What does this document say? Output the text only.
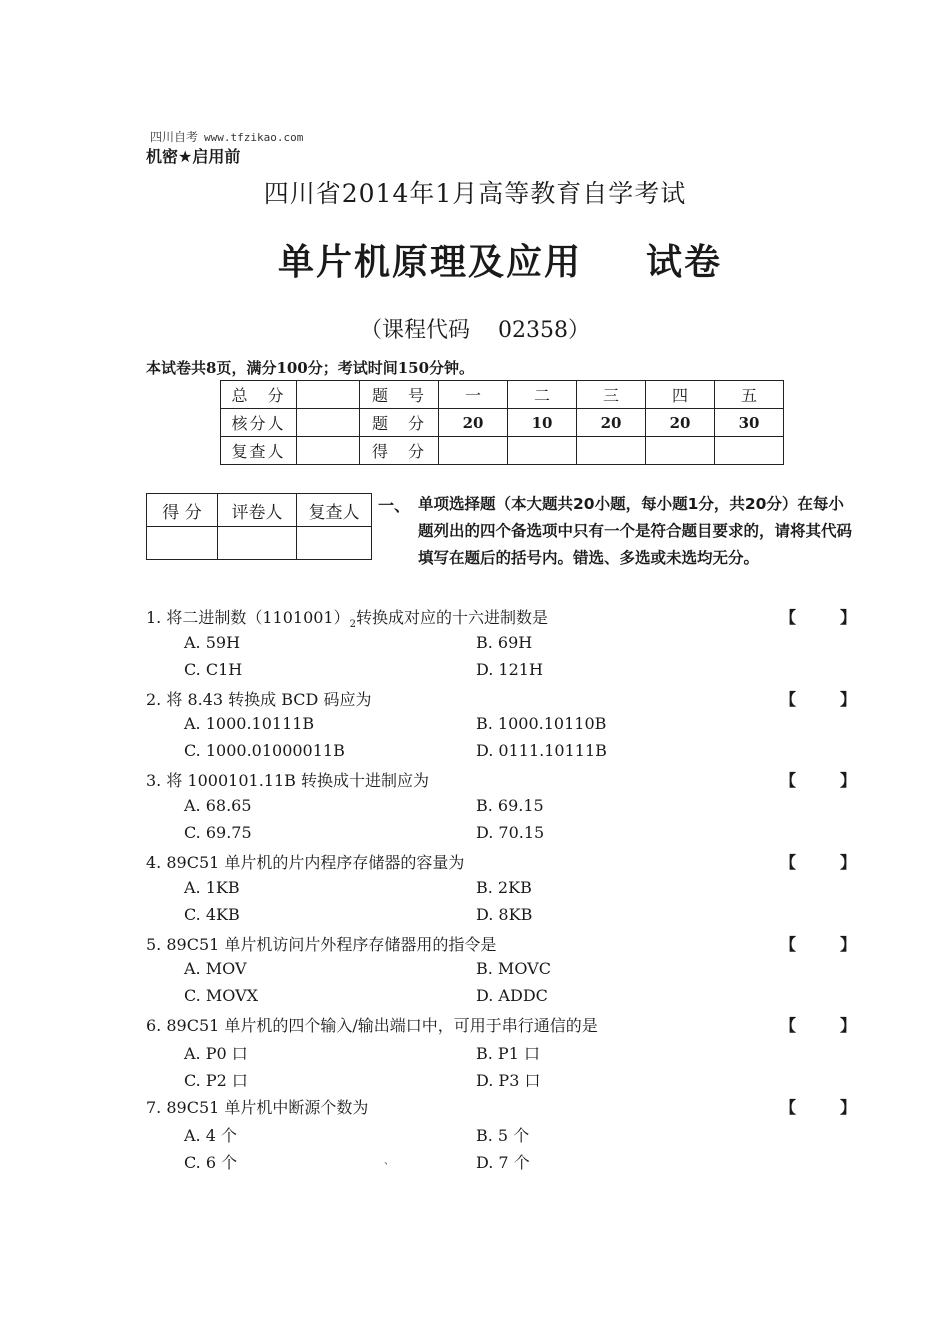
四川自考 www.tfzikao.com
机密★启用前
四川省2014年1月高等教育自学考试
单片机原理及应用 试卷
（课程代码 02358）
本试卷共8页，满分100分；考试时间150分钟。
总　分		题　号	一	二	三	四	五
核分人		题　分	20	10	20	20	30
复查人		得　分					
得 分	评卷人	复查人
		一、 单项选择题（本大题共20小题，每小题1分，共20分）在每小题列出的四个备选项中只有一个是符合题目要求的，请将其代码填写在题后的括号内。错选、多选或未选均无分。
1. 将二进制数$(1101001)_2$转换成对应的十六进制数是	【	】
A. 59H	B. 69H
C. C1H	D. 121H
2. 将 8.43 转换成 BCD 码应为	【	】
A. 1000.10111B	B. 1000.10110B
C. 1000.01000011B	D. 0111.10111B
3. 将 1000101.11B 转换成十进制应为	【	】
A. 68.65	B. 69.15
C. 69.75	D. 70.15
4. 89C51 单片机的片内程序存储器的容量为	【	】
A. 1KB	B. 2KB
C. 4KB	D. 8KB
5. 89C51 单片机访问片外程序存储器用的指令是	【	】
A. MOV	B. MOVC
C. MOVX	D. ADDC
6. 89C51 单片机的四个输入/输出端口中，可用于串行通信的是	【	】
A. P0 口	B. P1 口
C. P2 口	D. P3 口
7. 89C51 单片机中断源个数为	【	】
A. 4 个	B. 5 个
C. 6 个	D. 7 个
、
